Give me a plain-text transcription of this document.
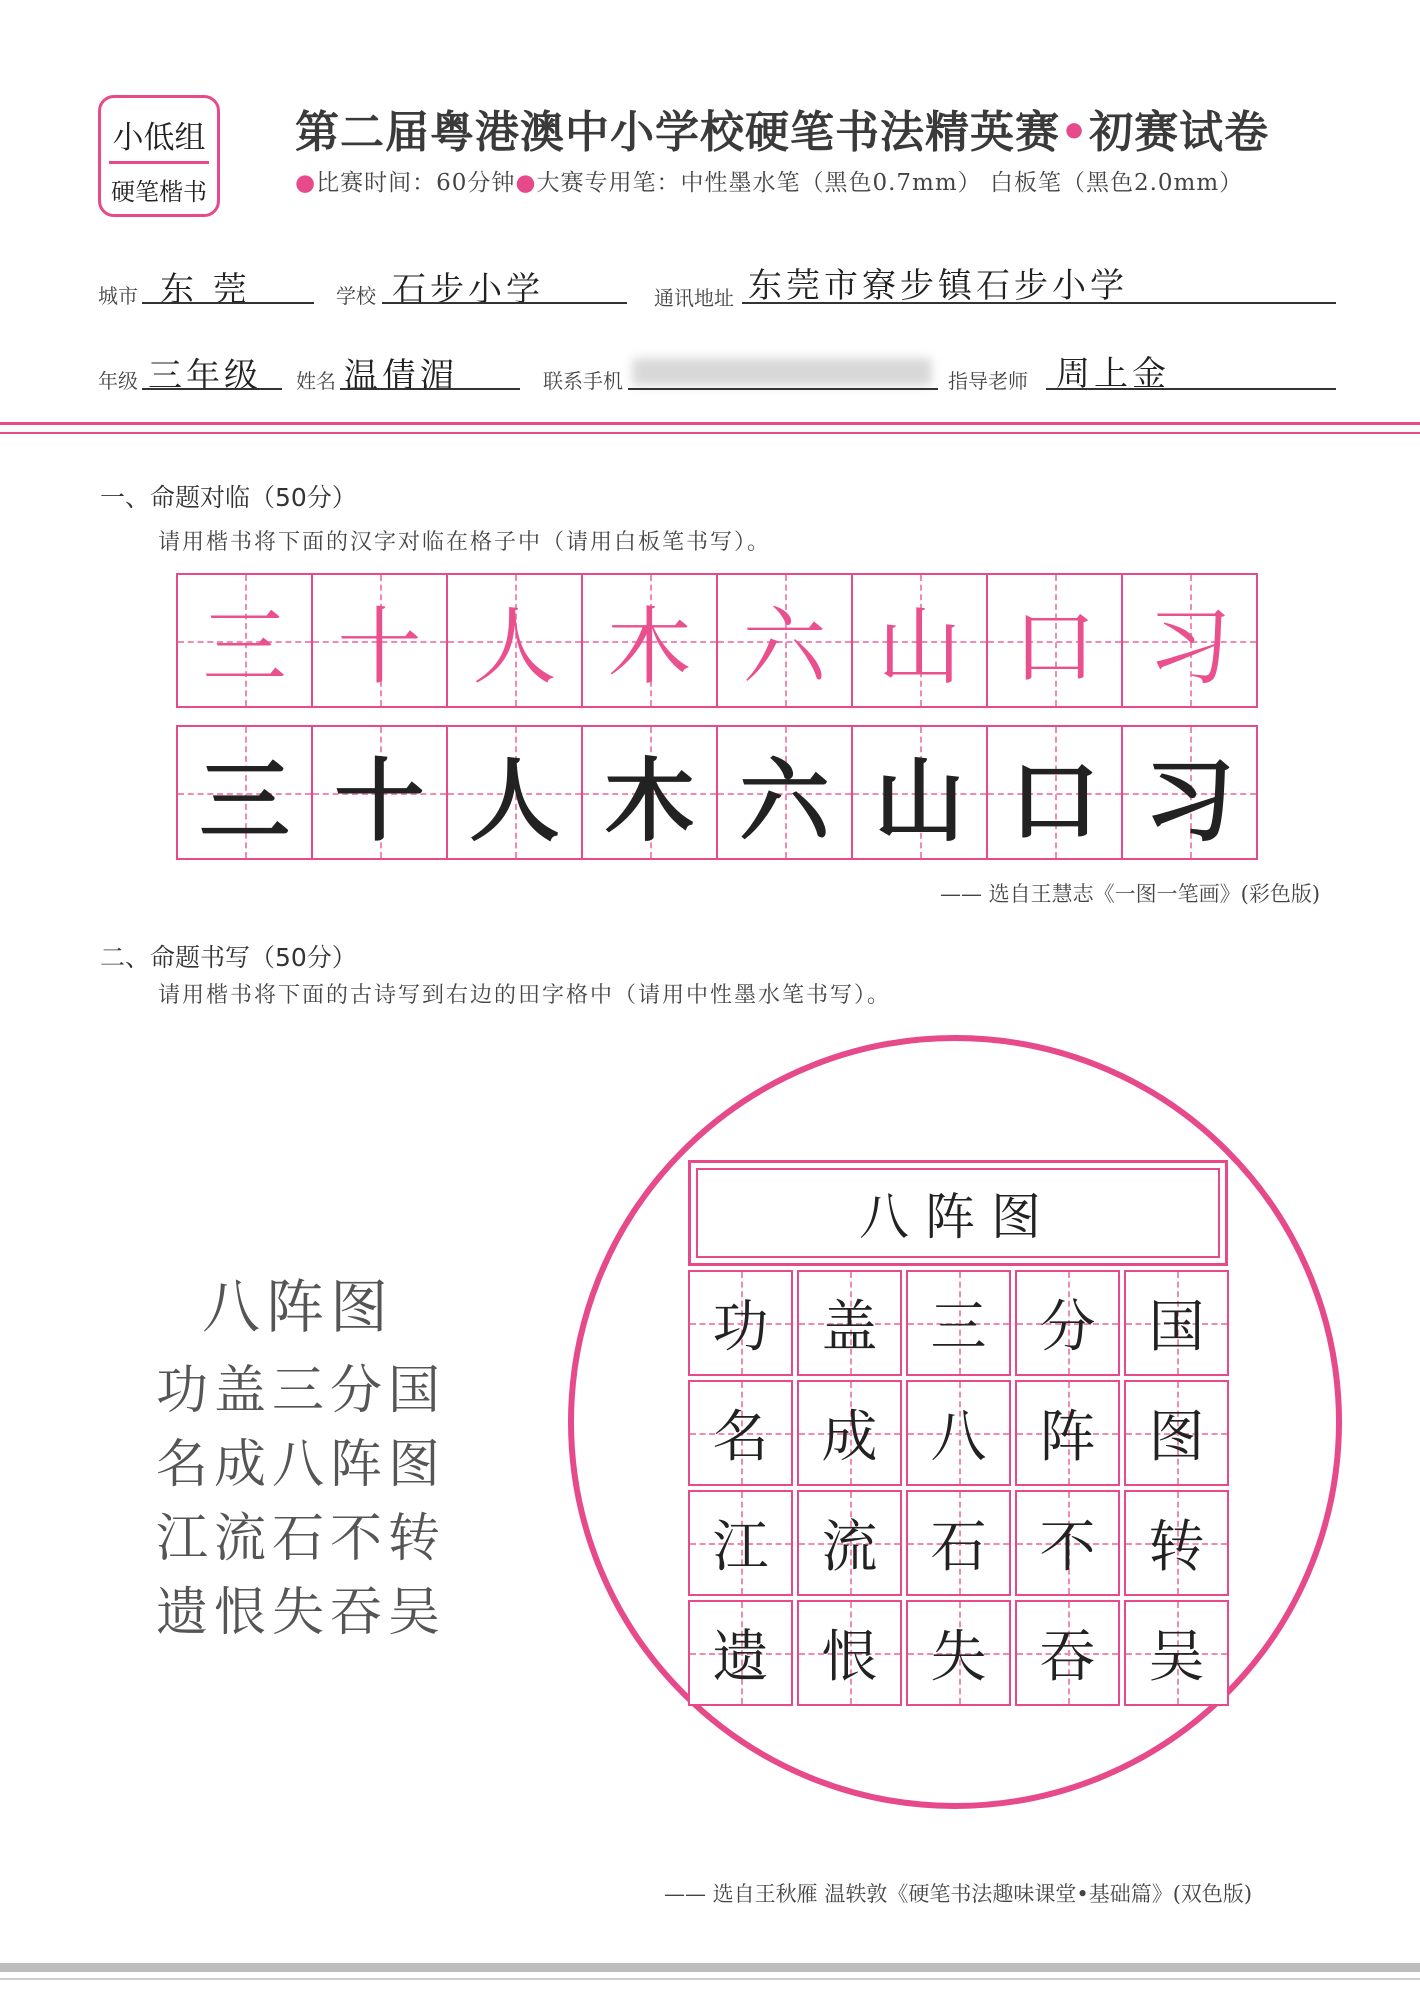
小低组
硬笔楷书
第二届粤港澳中小学校硬笔书法精英赛•初赛试卷
●比赛时间：60分钟●大赛专用笔：中性墨水笔（黑色0.7mm） 白板笔（黑色2.0mm）
城市 东 莞	学校 石步小学	通讯地址 东莞市寮步镇石步小学
年级 三年级 姓名 温倩湄	联系手机	指导老师 周上金
一、命题对临（50分）
请用楷书将下面的汉字对临在格子中（请用白板笔书写）。
三 十 人 木 六 山 口 习
三 十 人 木 六 山 口 习
—— 选自王慧志《一图一笔画》(彩色版)
二、命题书写（50分）
请用楷书将下面的古诗写到右边的田字格中（请用中性墨水笔书写）。
八阵图
功盖三分国
名成八阵图
江流石不转
遗恨失吞吴
八阵图
功 盖 三 分 国
名 成 八 阵 图
江 流 石 不 转
遗 恨 失 吞 吴
—— 选自王秋雁 温轶敦《硬笔书法趣味课堂•基础篇》(双色版)
